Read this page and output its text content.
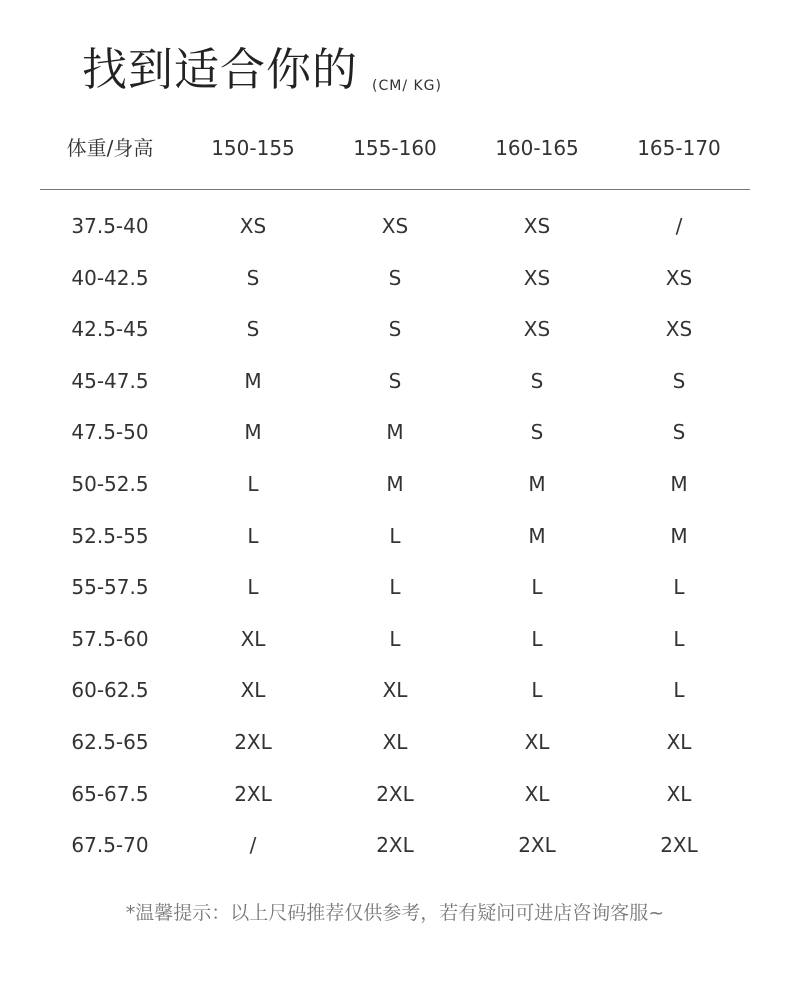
找到适合你的 (CM/ KG)
体重/身高	150-155	155-160	160-165	165-170
37.5-40	XS	XS	XS	/
40-42.5	S	S	XS	XS
42.5-45	S	S	XS	XS
45-47.5	M	S	S	S
47.5-50	M	M	S	S
50-52.5	L	M	M	M
52.5-55	L	L	M	M
55-57.5	L	L	L	L
57.5-60	XL	L	L	L
60-62.5	XL	XL	L	L
62.5-65	2XL	XL	XL	XL
65-67.5	2XL	2XL	XL	XL
67.5-70	/	2XL	2XL	2XL
*温馨提示：以上尺码推荐仅供参考，若有疑问可进店咨询客服~
